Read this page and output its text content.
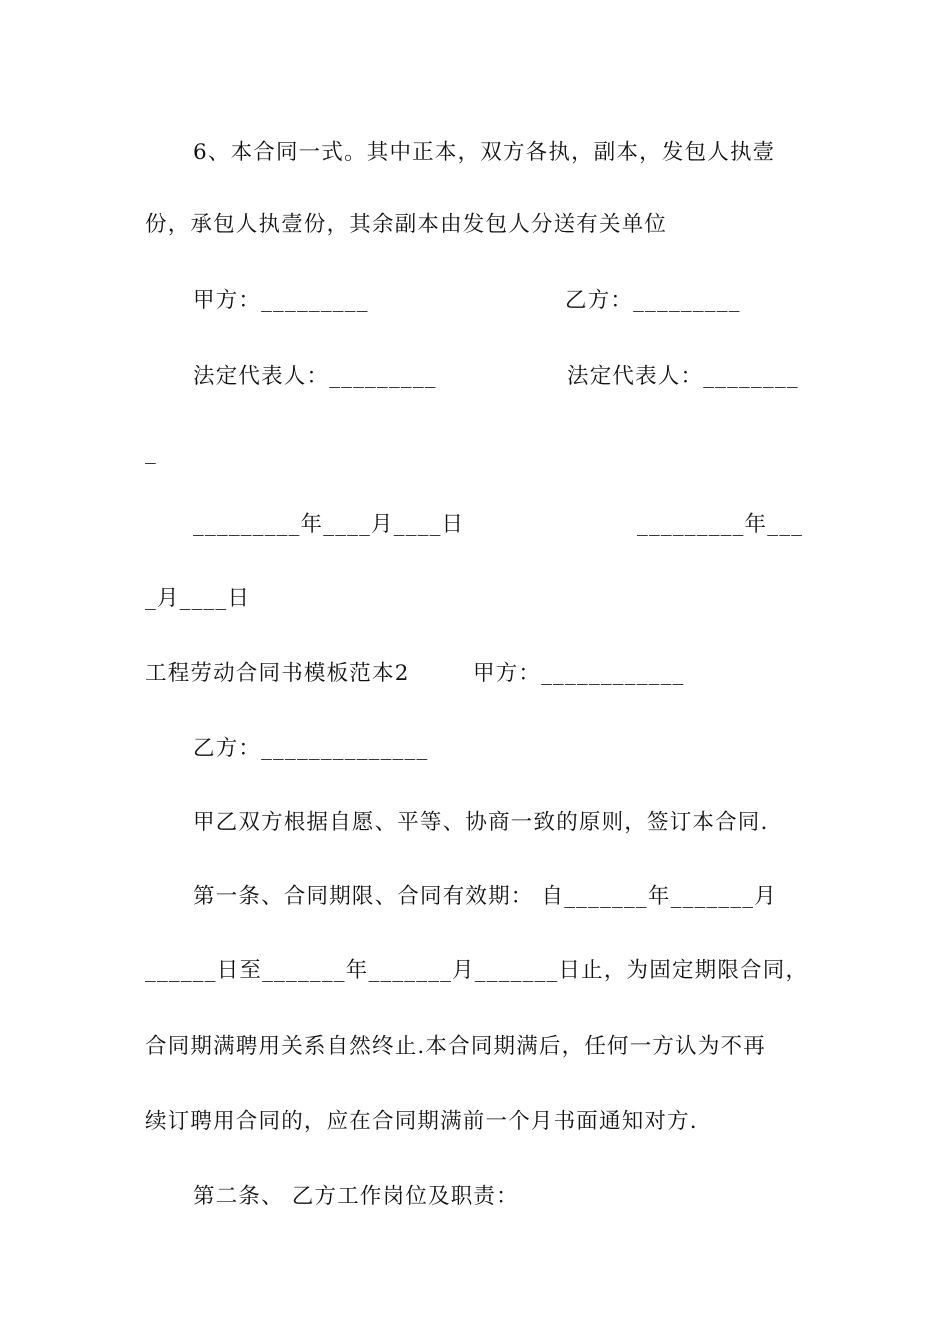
6、本合同一式。其中正本，双方各执，副本，发包人执壹
份，承包人执壹份，其余副本由发包人分送有关单位
甲方：_________	乙方：_________
法定代表人：_________	法定代表人：________
_
_________年____月____日	_________年___
_月____日
工程劳动合同书模板范本2	甲方：____________
乙方：______________
甲乙双方根据自愿、平等、协商一致的原则，签订本合同.
第一条、合同期限、合同有效期： 自_______年_______月
______日至_______年_______月_______日止，为固定期限合同，
合同期满聘用关系自然终止.本合同期满后，任何一方认为不再
续订聘用合同的，应在合同期满前一个月书面通知对方.
第二条、 乙方工作岗位及职责：
